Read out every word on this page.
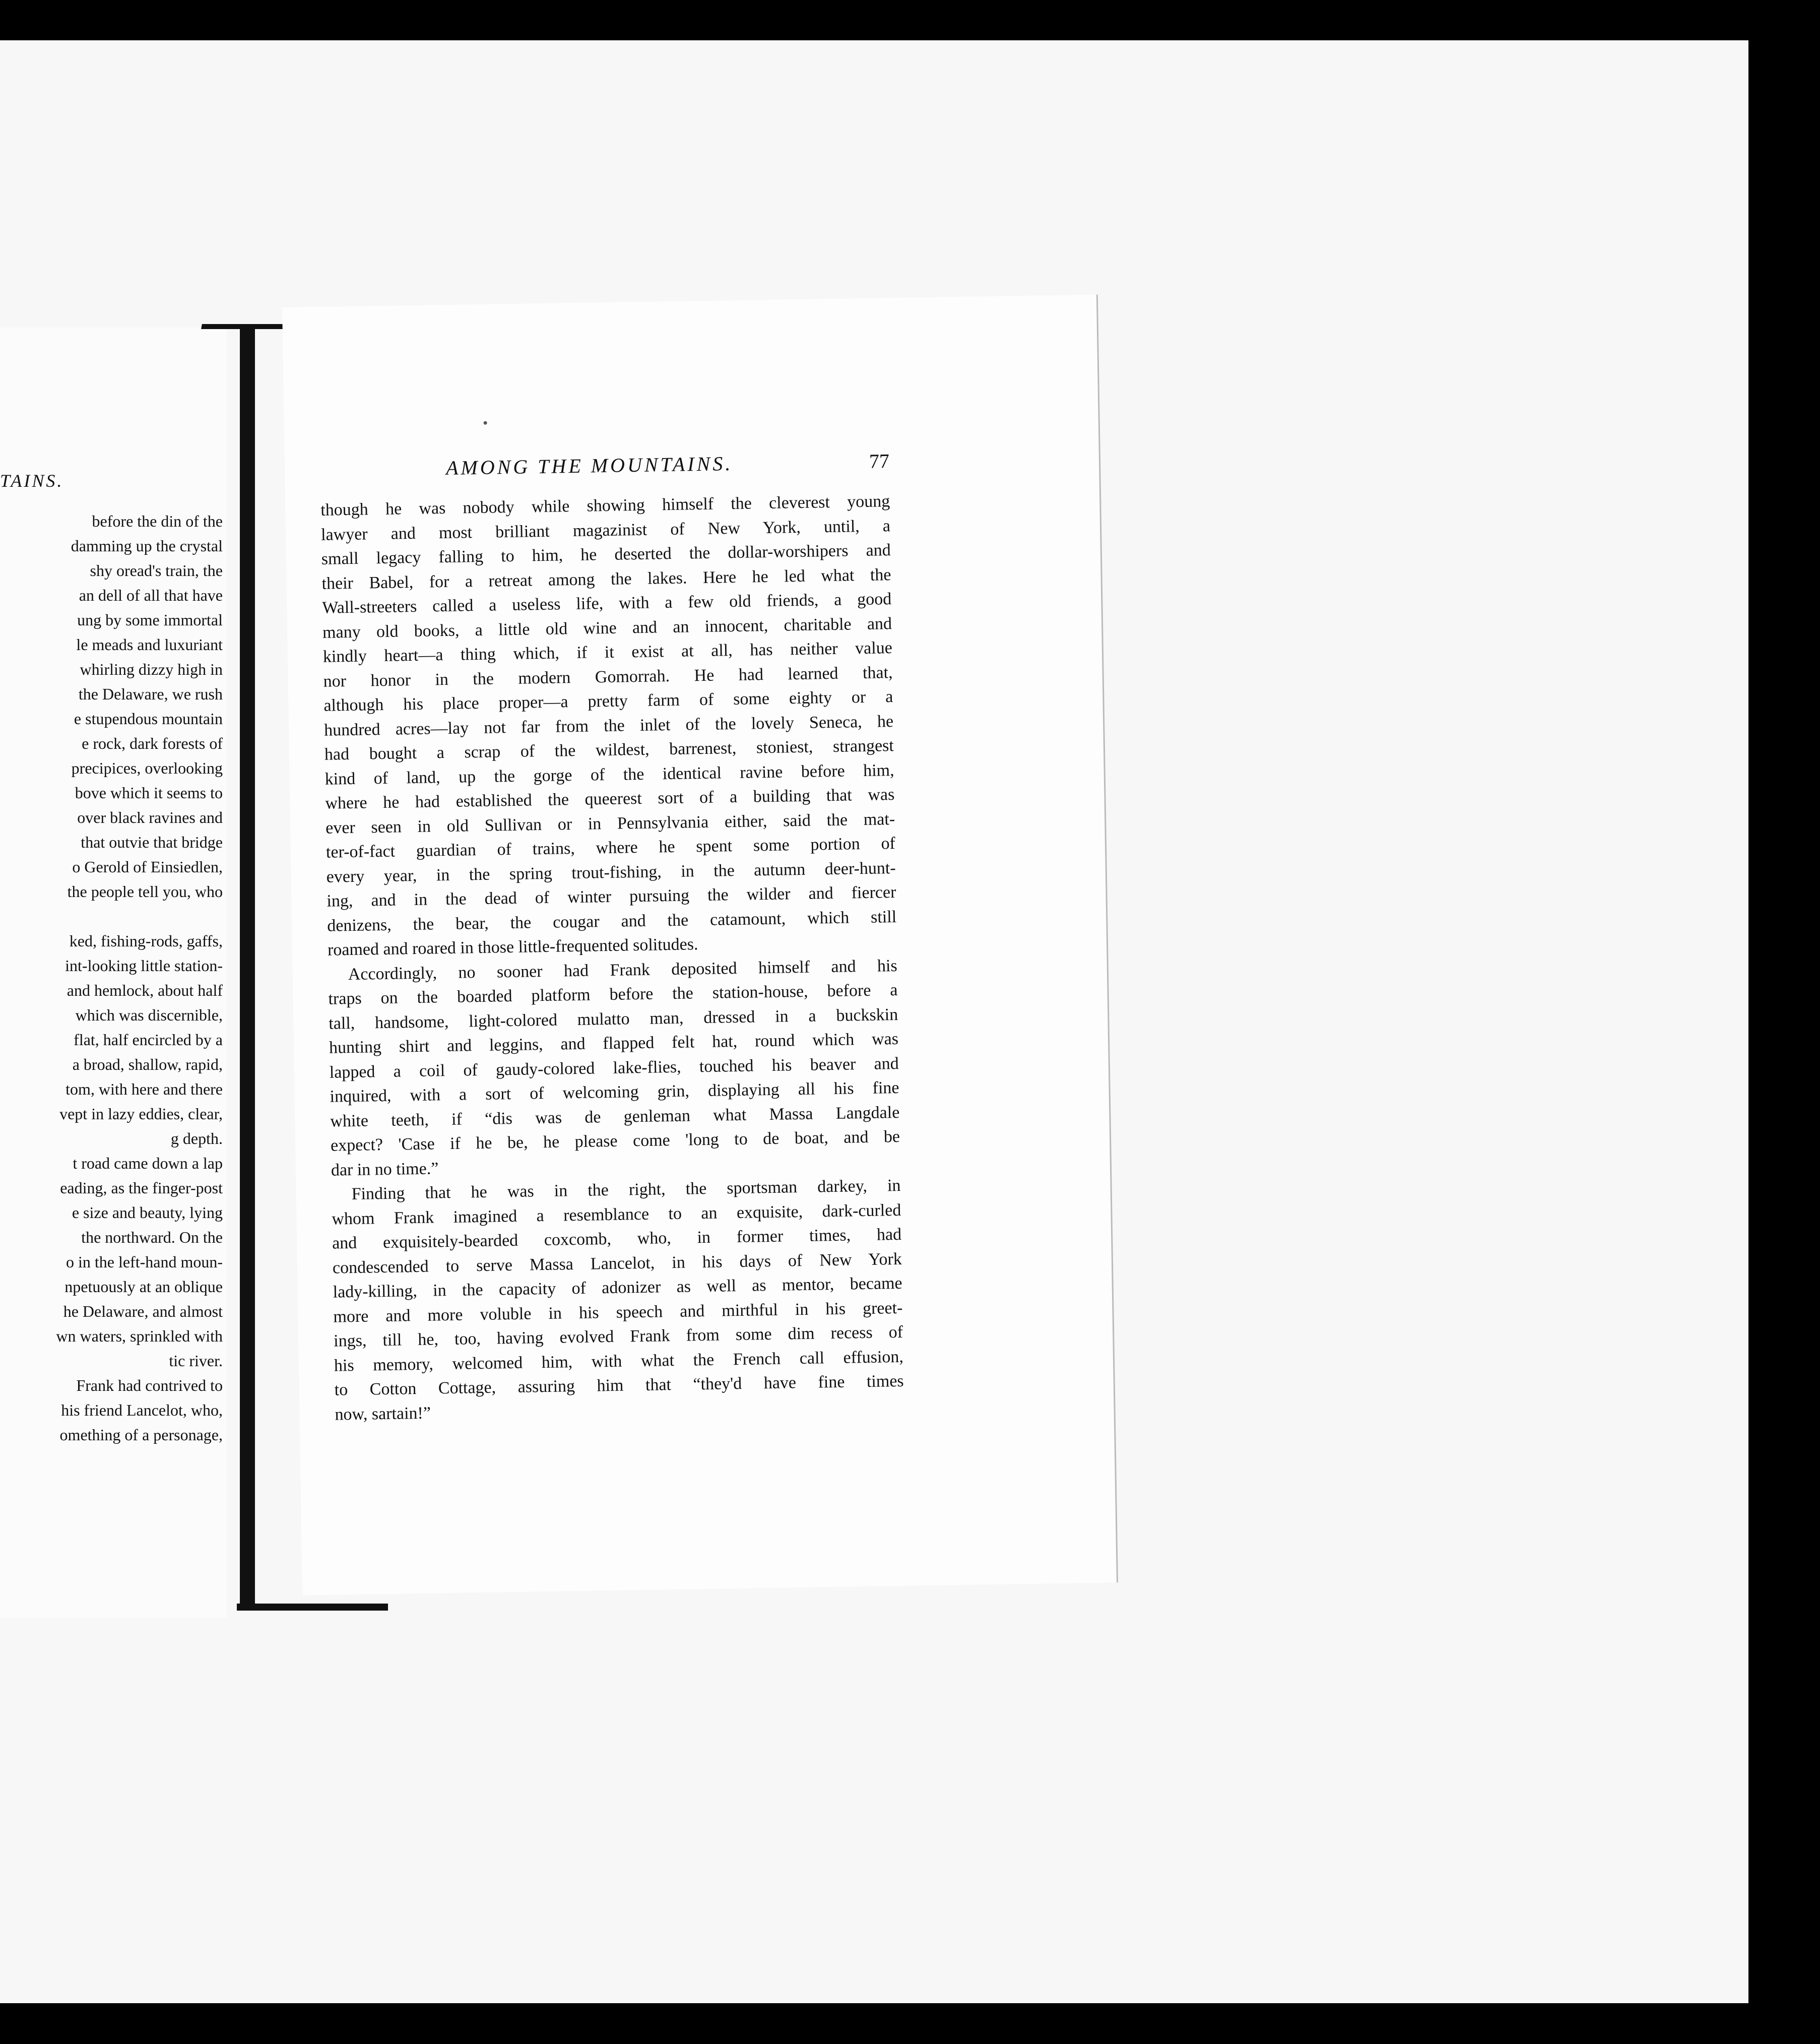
TAINS.
before the din of the
damming up the crystal
shy oread's train, the
an dell of all that have
ung by some immortal
le meads and luxuriant
whirling dizzy high in
the Delaware, we rush
e stupendous mountain
e rock, dark forests of
precipices, overlooking
bove which it seems to
over black ravines and
that outvie that bridge
o Gerold of Einsiedlen,
the people tell you, who
ked, fishing-rods, gaffs,
int-looking little station-
and hemlock, about half
which was discernible,
flat, half encircled by a
a broad, shallow, rapid,
tom, with here and there
vept in lazy eddies, clear,
g depth.
t road came down a lap
eading, as the finger-post
e size and beauty, lying
the northward. On the
o in the left-hand moun-
npetuously at an oblique
he Delaware, and almost
wn waters, sprinkled with
tic river.
Frank had contrived to
his friend Lancelot, who,
omething of a personage,
AMONG THE MOUNTAINS.	77
though he was nobody while showing himself the cleverest young
lawyer and most brilliant magazinist of New York, until, a
small legacy falling to him, he deserted the dollar-worshipers and
their Babel, for a retreat among the lakes. Here he led what the
Wall-streeters called a useless life, with a few old friends, a good
many old books, a little old wine and an innocent, charitable and
kindly heart—a thing which, if it exist at all, has neither value
nor honor in the modern Gomorrah. He had learned that,
although his place proper—a pretty farm of some eighty or a
hundred acres—lay not far from the inlet of the lovely Seneca, he
had bought a scrap of the wildest, barrenest, stoniest, strangest
kind of land, up the gorge of the identical ravine before him,
where he had established the queerest sort of a building that was
ever seen in old Sullivan or in Pennsylvania either, said the mat-
ter-of-fact guardian of trains, where he spent some portion of
every year, in the spring trout-fishing, in the autumn deer-hunt-
ing, and in the dead of winter pursuing the wilder and fiercer
denizens, the bear, the cougar and the catamount, which still
roamed and roared in those little-frequented solitudes.
Accordingly, no sooner had Frank deposited himself and his
traps on the boarded platform before the station-house, before a
tall, handsome, light-colored mulatto man, dressed in a buckskin
hunting shirt and leggins, and flapped felt hat, round which was
lapped a coil of gaudy-colored lake-flies, touched his beaver and
inquired, with a sort of welcoming grin, displaying all his fine
white teeth, if “dis was de genleman what Massa Langdale
expect? 'Case if he be, he please come 'long to de boat, and be
dar in no time.”
Finding that he was in the right, the sportsman darkey, in
whom Frank imagined a resemblance to an exquisite, dark-curled
and exquisitely-bearded coxcomb, who, in former times, had
condescended to serve Massa Lancelot, in his days of New York
lady-killing, in the capacity of adonizer as well as mentor, became
more and more voluble in his speech and mirthful in his greet-
ings, till he, too, having evolved Frank from some dim recess of
his memory, welcomed him, with what the French call effusion,
to Cotton Cottage, assuring him that “they'd have fine times
now, sartain!”
